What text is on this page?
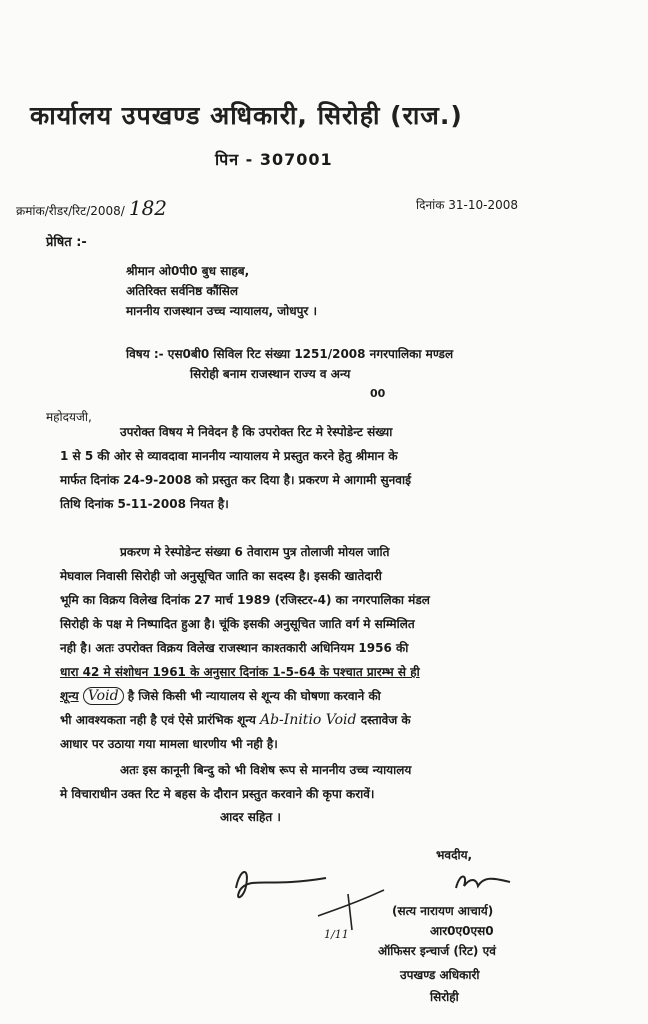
कार्यालय उपखण्ड अधिकारी, सिरोही (राज.)
पिन - 307001
क्रमांक/रीडर/रिट/2008/ 182	दिनांक 31-10-2008
प्रेषित :-
श्रीमान ओ0पी0 बुध साहब,
अतिरिक्त सर्वनिष्ठ कौंसिल
माननीय राजस्थान उच्च न्यायालय, जोधपुर ।
विषय :- एस0बी0 सिविल रिट संख्या 1251/2008 नगरपालिका मण्डल
सिरोही बनाम राजस्थान राज्य व अन्य
00
महोदयजी,
उपरोक्त विषय मे निवेदन है कि उपरोक्त रिट मे रेस्पोडेन्ट संख्या
1 से 5 की ओर से व्यावदावा माननीय न्यायालय मे प्रस्तुत करने हेतु श्रीमान के
मार्फत दिनांक 24-9-2008 को प्रस्तुत कर दिया है। प्रकरण मे आगामी सुनवाई
तिथि दिनांक 5-11-2008 नियत है।
प्रकरण मे रेस्पोडेन्ट संख्या 6 तेवाराम पुत्र तोलाजी मोयल जाति
मेघवाल निवासी सिरोही जो अनुसूचित जाति का सदस्य है। इसकी खातेदारी
भूमि का विक्रय विलेख दिनांक 27 मार्च 1989 (रजिस्टर-4) का नगरपालिका मंडल
सिरोही के पक्ष मे निष्पादित हुआ है। चूंकि इसकी अनुसूचित जाति वर्ग मे सम्मिलित
नही है। अतः उपरोक्त विक्रय विलेख राजस्थान काश्तकारी अधिनियम 1956 की
धारा 42 मे संशोधन 1961 के अनुसार दिनांक 1-5-64 के पश्चात प्रारम्भ से ही
शून्य Void है जिसे किसी भी न्यायालय से शून्य की घोषणा करवाने की
भी आवश्यकता नही है एवं ऐसे प्रारंभिक शून्य Ab-Initio Void दस्तावेज के
आधार पर उठाया गया मामला धारणीय भी नही है।
अतः इस कानूनी बिन्दु को भी विशेष रूप से माननीय उच्च न्यायालय
मे विचाराधीन उक्त रिट मे बहस के दौरान प्रस्तुत करवाने की कृपा करावें।
आदर सहित ।
भवदीय,
1/11
(सत्य नारायण आचार्य)
आर0ए0एस0
ऑफिसर इन्चार्ज (रिट) एवं
उपखण्ड अधिकारी
सिरोही
